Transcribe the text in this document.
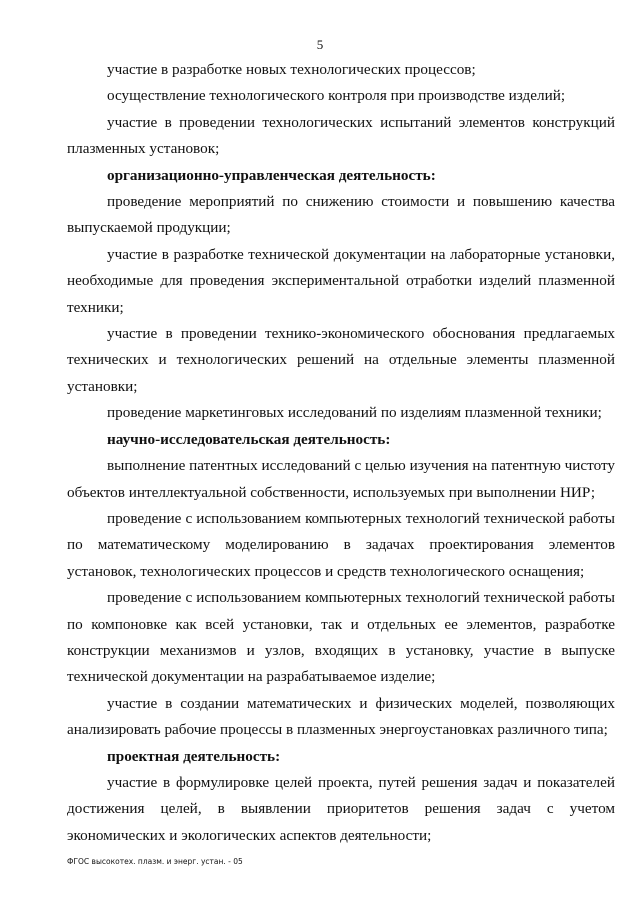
5

участие в разработке новых технологических процессов;

осуществление технологического контроля при производстве изделий;

участие в проведении технологических испытаний элементов конструкций плазменных установок;

организационно-управленческая деятельность:

проведение мероприятий по снижению стоимости и повышению качества выпускаемой продукции;

участие в разработке технической документации на лабораторные установки, необходимые для проведения экспериментальной отработки изделий плазменной техники;

участие в проведении технико-экономического обоснования предлагаемых технических и технологических решений на отдельные элементы плазменной установки;

проведение маркетинговых исследований по изделиям плазменной техники;

научно-исследовательская деятельность:

выполнение патентных исследований с целью изучения на патентную чистоту объектов интеллектуальной собственности, используемых при выполнении НИР;

проведение с использованием компьютерных технологий технической работы по математическому моделированию в задачах проектирования элементов установок, технологических процессов и средств технологического оснащения;

проведение с использованием компьютерных технологий технической работы по компоновке как всей установки, так и отдельных ее элементов, разработке конструкции механизмов и узлов, входящих в установку, участие в выпуске технической документации на разрабатываемое изделие;

участие в создании математических и физических моделей, позволяющих анализировать рабочие процессы в плазменных энергоустановках различного типа;

проектная деятельность:

участие в формулировке целей проекта, путей решения задач и показателей достижения целей, в выявлении приоритетов решения задач с учетом экономических и экологических аспектов деятельности;

ФГОС высокотех. плазм. и энерг. устан. - 05
